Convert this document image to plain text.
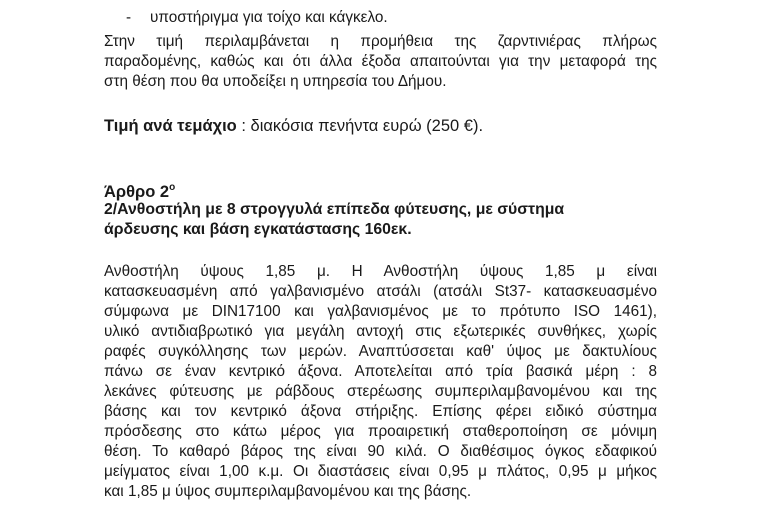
- υποστήριγμα για τοίχο και κάγκελο.
Στην τιμή περιλαμβάνεται η προμήθεια της ζαρντινιέρας πλήρως
παραδομένης, καθώς και ότι άλλα έξοδα απαιτούνται για την μεταφορά της
στη θέση που θα υποδείξει η υπηρεσία του Δήμου.
Τιμή ανά τεμάχιο : διακόσια πενήντα ευρώ (250 €).
Άρθρο $2^o$
2/Ανθοστήλη με 8 στρογγυλά επίπεδα φύτευσης, με σύστημα
άρδευσης και βάση εγκατάστασης 160εκ.
Ανθοστήλη ύψους 1,85 μ. Η Ανθοστήλη ύψους 1,85 μ είναι
κατασκευασμένη από γαλβανισμένο ατσάλι (ατσάλι St37- κατασκευασμένο
σύμφωνα με DIN17100 και γαλβανισμένος με το πρότυπο ISO 1461),
υλικό αντιδιαβρωτικό για μεγάλη αντοχή στις εξωτερικές συνθήκες, χωρίς
ραφές συγκόλλησης των μερών. Αναπτύσσεται καθ' ύψος με δακτυλίους
πάνω σε έναν κεντρικό άξονα. Αποτελείται από τρία βασικά μέρη : 8
λεκάνες φύτευσης με ράβδους στερέωσης συμπεριλαμβανομένου και της
βάσης και τον κεντρικό άξονα στήριξης. Επίσης φέρει ειδικό σύστημα
πρόσδεσης στο κάτω μέρος για προαιρετική σταθεροποίηση σε μόνιμη
θέση. Το καθαρό βάρος της είναι 90 κιλά. Ο διαθέσιμος όγκος εδαφικού
μείγματος είναι 1,00 κ.μ. Οι διαστάσεις είναι 0,95 μ πλάτος, 0,95 μ μήκος
και 1,85 μ ύψος συμπεριλαμβανομένου και της βάσης.
